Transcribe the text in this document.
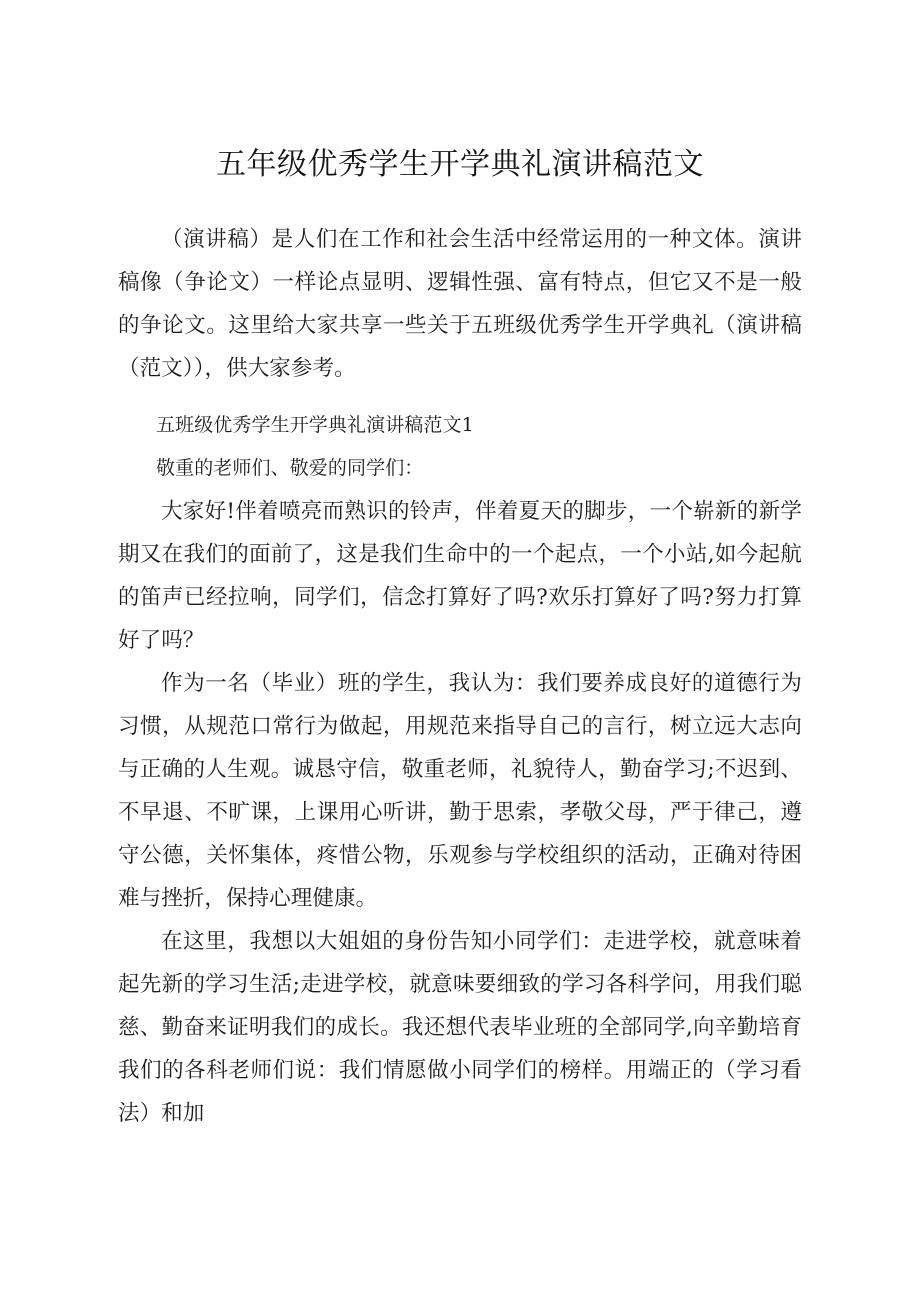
五年级优秀学生开学典礼演讲稿范文

（演讲稿）是人们在工作和社会生活中经常运用的一种文体。演讲稿像（争论文）一样论点显明、逻辑性强、富有特点，但它又不是一般的争论文。这里给大家共享一些关于五班级优秀学生开学典礼（演讲稿（范文）），供大家参考。

五班级优秀学生开学典礼演讲稿范文1

敬重的老师们、敬爱的同学们：

大家好!伴着喷亮而熟识的铃声，伴着夏天的脚步，一个崭新的新学期又在我们的面前了，这是我们生命中的一个起点，一个小站,如今起航的笛声已经拉响，同学们，信念打算好了吗?欢乐打算好了吗?努力打算好了吗？

作为一名（毕业）班的学生，我认为：我们要养成良好的道德行为习惯，从规范口常行为做起，用规范来指导自己的言行，树立远大志向与正确的人生观。诚恳守信，敬重老师，礼貌待人，勤奋学习;不迟到、不早退、不旷课，上课用心听讲，勤于思索，孝敬父母，严于律己，遵守公德，关怀集体，疼惜公物，乐观参与学校组织的活动，正确对待困难与挫折，保持心理健康。

在这里，我想以大姐姐的身份告知小同学们：走进学校，就意味着起先新的学习生活;走进学校，就意味要细致的学习各科学问，用我们聪慈、勤奋来证明我们的成长。我还想代表毕业班的全部同学,向辛勤培育我们的各科老师们说：我们情愿做小同学们的榜样。用端正的（学习看法）和加
